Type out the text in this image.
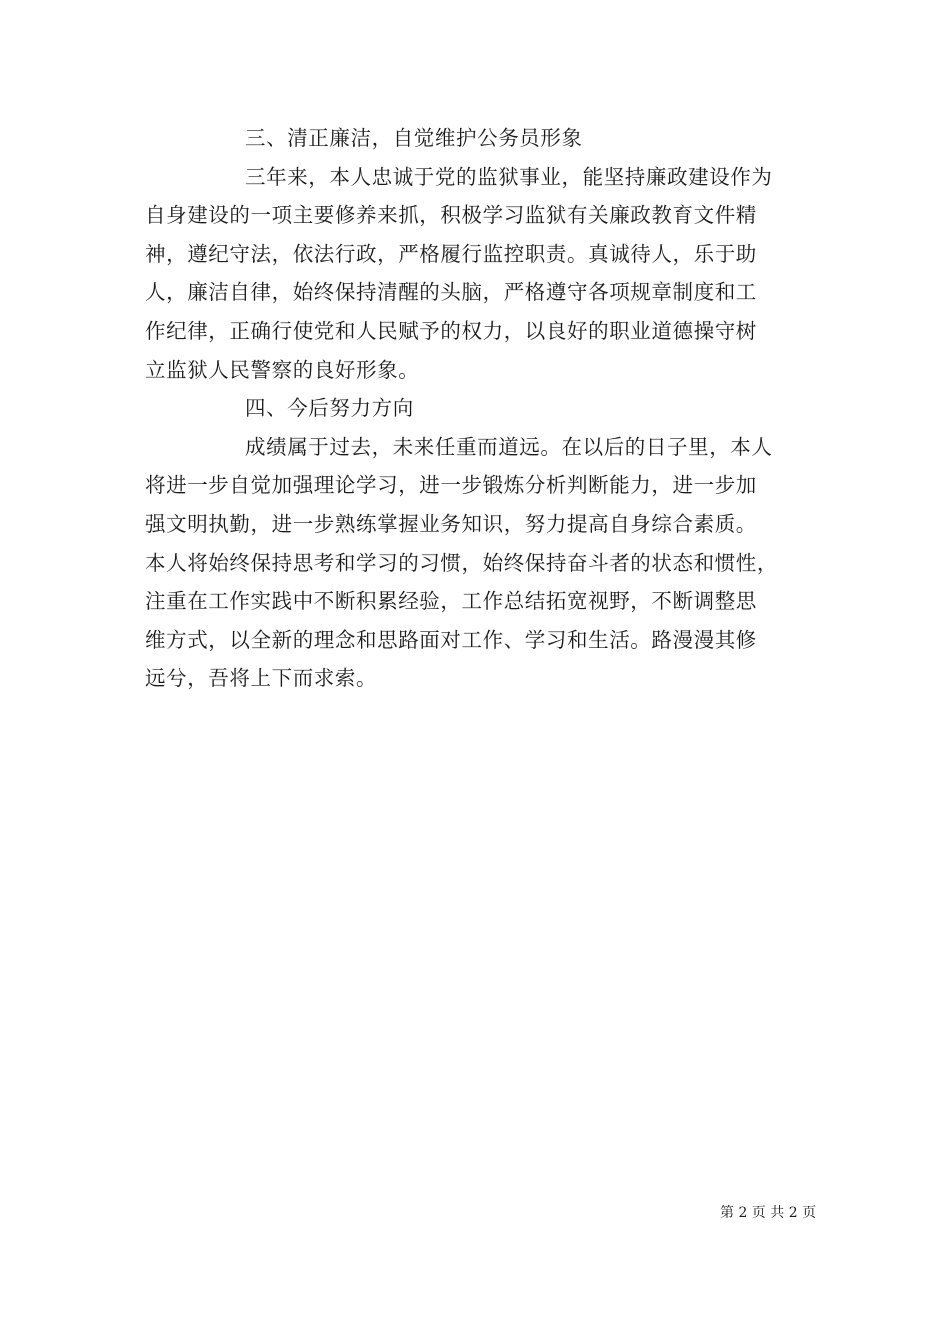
三、清正廉洁，自觉维护公务员形象
三年来，本人忠诚于党的监狱事业，能坚持廉政建设作为
自身建设的一项主要修养来抓，积极学习监狱有关廉政教育文件精
神，遵纪守法，依法行政，严格履行监控职责。真诚待人，乐于助
人，廉洁自律，始终保持清醒的头脑，严格遵守各项规章制度和工
作纪律，正确行使党和人民赋予的权力，以良好的职业道德操守树
立监狱人民警察的良好形象。
四、今后努力方向
成绩属于过去，未来任重而道远。在以后的日子里，本人
将进一步自觉加强理论学习，进一步锻炼分析判断能力，进一步加
强文明执勤，进一步熟练掌握业务知识，努力提高自身综合素质。
本人将始终保持思考和学习的习惯，始终保持奋斗者的状态和惯性，
注重在工作实践中不断积累经验，工作总结拓宽视野，不断调整思
维方式，以全新的理念和思路面对工作、学习和生活。路漫漫其修
远兮，吾将上下而求索。
第 2 页 共 2 页
